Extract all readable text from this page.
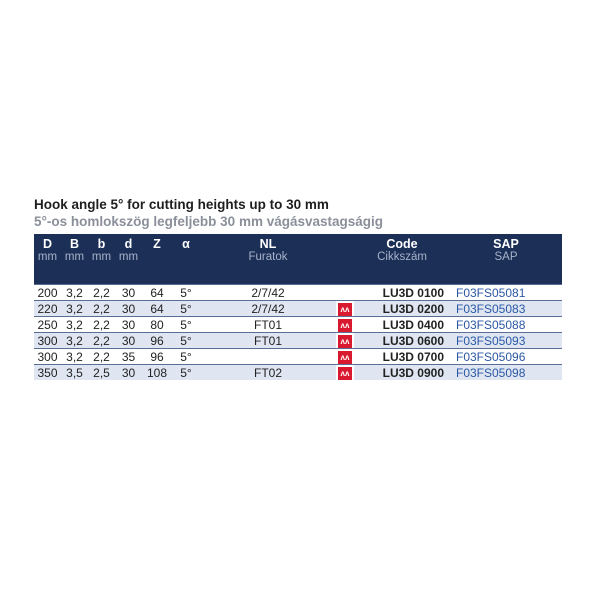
Hook angle 5° for cutting heights up to 30 mm
5°-os homlokszög legfeljebb 30 mm vágásvastagságig
D	B	b	d	Z	α	NL		Code	SAP
mm	mm	mm	mm			Furatok		Cikkszám	SAP

200	3,2	2,2	30	64	5°	2/7/42		LU3D 0100	F03FS05081
220	3,2	2,2	30	64	5°	2/7/42	ʌʌ	LU3D 0200	F03FS05083
250	3,2	2,2	30	80	5°	FT01	ʌʌ	LU3D 0400	F03FS05088
300	3,2	2,2	30	96	5°	FT01	ʌʌ	LU3D 0600	F03FS05093
300	3,2	2,2	35	96	5°		ʌʌ	LU3D 0700	F03FS05096
350	3,5	2,5	30	108	5°	FT02	ʌʌ	LU3D 0900	F03FS05098
